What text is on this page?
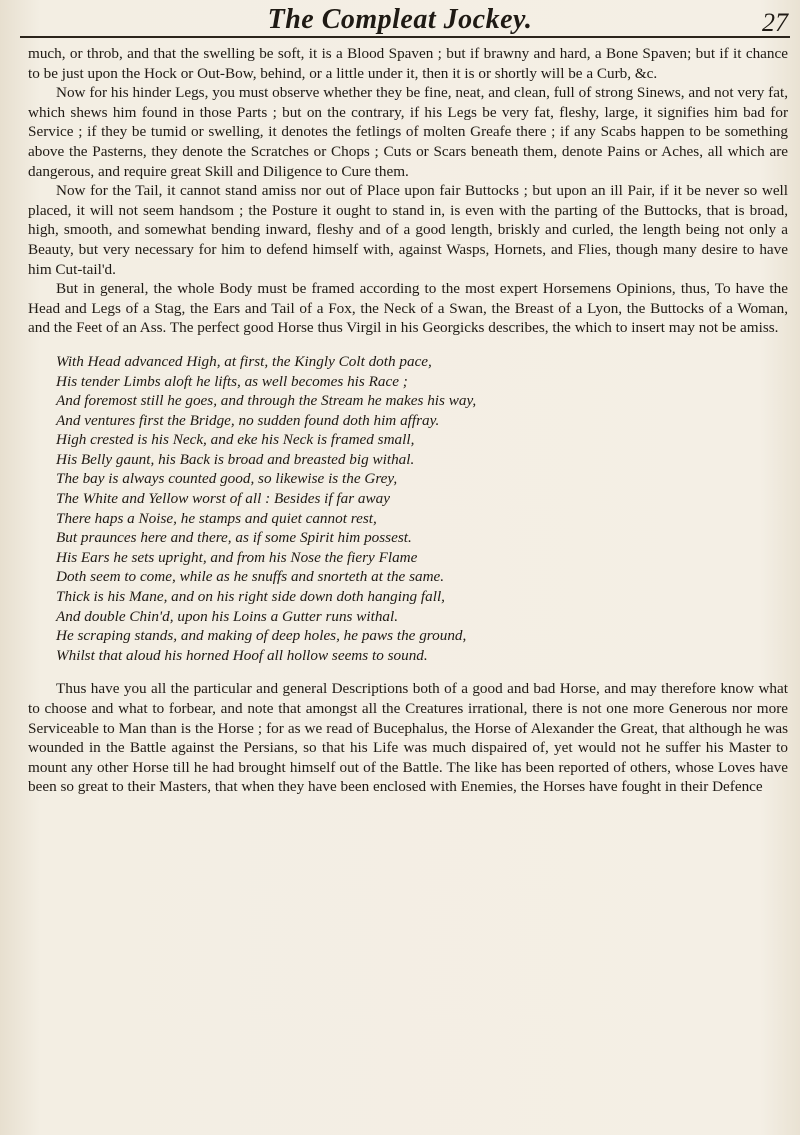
The Compleat Jockey.	27

much, or throb, and that the swelling be soft, it is a Blood Spaven ; but if brawny and hard, a Bone Spaven; but if it chance to be just upon the Hock or Out-Bow, behind, or a little under it, then it is or shortly will be a Curb, &c.

Now for his hinder Legs, you must observe whether they be fine, neat, and clean, full of strong Sinews, and not very fat, which shews him found in those Parts ; but on the contrary, if his Legs be very fat, fleshy, large, it signifies him bad for Service ; if they be tumid or swelling, it denotes the fetlings of molten Greafe there ; if any Scabs happen to be something above the Pasterns, they denote the Scratches or Chops ; Cuts or Scars beneath them, denote Pains or Aches, all which are dangerous, and require great Skill and Diligence to Cure them.

Now for the Tail, it cannot stand amiss nor out of Place upon fair Buttocks ; but upon an ill Pair, if it be never so well placed, it will not seem handsom ; the Posture it ought to stand in, is even with the parting of the Buttocks, that is broad, high, smooth, and somewhat bending inward, fleshy and of a good length, briskly and curled, the length being not only a Beauty, but very necessary for him to defend himself with, against Wasps, Hornets, and Flies, though many desire to have him Cut-tail'd.

But in general, the whole Body must be framed according to the most expert Horsemens Opinions, thus, To have the Head and Legs of a Stag, the Ears and Tail of a Fox, the Neck of a Swan, the Breast of a Lyon, the Buttocks of a Woman, and the Feet of an Ass. The perfect good Horse thus Virgil in his Georgicks describes, the which to insert may not be amiss.

With Head advanced High, at first, the Kingly Colt doth pace,
His tender Limbs aloft he lifts, as well becomes his Race ;
And foremost still he goes, and through the Stream he makes his way,
And ventures first the Bridge, no sudden found doth him affray.
High crested is his Neck, and eke his Neck is framed small,
His Belly gaunt, his Back is broad and breasted big withal.
The bay is always counted good, so likewise is the Grey,
The White and Yellow worst of all : Besides if far away
There haps a Noise, he stamps and quiet cannot rest,
But praunces here and there, as if some Spirit him possest.
His Ears he sets upright, and from his Nose the fiery Flame
Doth seem to come, while as he snuffs and snorteth at the same.
Thick is his Mane, and on his right side down doth hanging fall,
And double Chin'd, upon his Loins a Gutter runs withal.
He scraping stands, and making of deep holes, he paws the ground,
Whilst that aloud his horned Hoof all hollow seems to sound.

Thus have you all the particular and general Descriptions both of a good and bad Horse, and may therefore know what to choose and what to forbear, and note that amongst all the Creatures irrational, there is not one more Generous nor more Serviceable to Man than is the Horse ; for as we read of Bucephalus, the Horse of Alexander the Great, that although he was wounded in the Battle against the Persians, so that his Life was much dispaired of, yet would not he suffer his Master to mount any other Horse till he had brought himself out of the Battle. The like has been reported of others, whose Loves have been so great to their Masters, that when they have been enclosed with Enemies, the Horses have fought in their Defence
